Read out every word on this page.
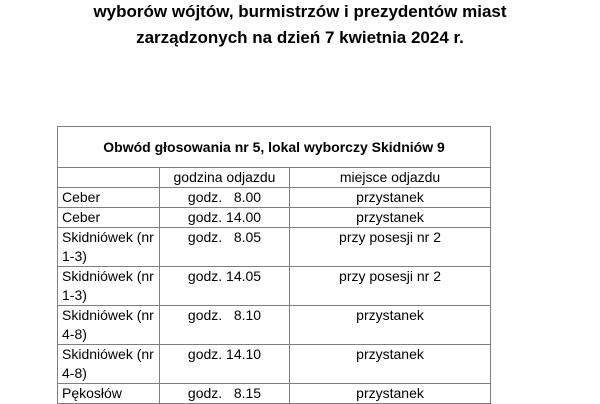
wyborów wójtów, burmistrzów i prezydentów miast
zarządzonych na dzień 7 kwietnia 2024 r.
Obwód głosowania nr 5, lokal wyborczy Skidniów 9		
	godzina odjazdu	miejsce odjazdu
Ceber	godz.   8.00	przystanek
Ceber	godz. 14.00	przystanek
Skidniówek (nr 1-3)	godz.   8.05	przy posesji nr 2
Skidniówek (nr 1-3)	godz. 14.05	przy posesji nr 2
Skidniówek (nr 4-8)	godz.   8.10	przystanek
Skidniówek (nr 4-8)	godz. 14.10	przystanek
Pękosłów	godz.   8.15	przystanek
